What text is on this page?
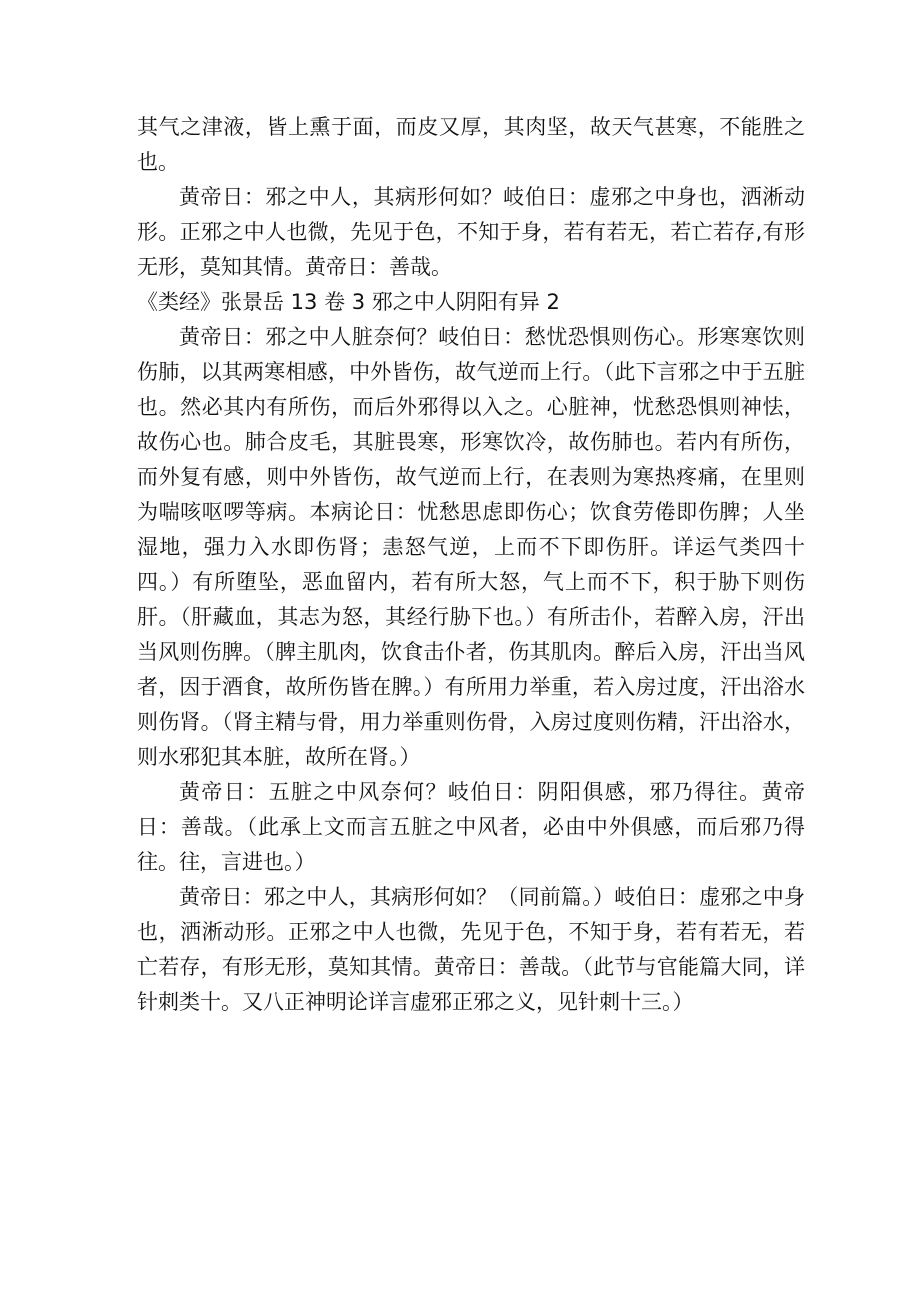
其气之津液，皆上熏于面，而皮又厚，其肉坚，故天气甚寒，不能胜之也。

黄帝日：邪之中人，其病形何如？岐伯日：虚邪之中身也，洒淅动形。正邪之中人也微，先见于色，不知于身，若有若无，若亡若存,有形无形，莫知其情。黄帝日：善哉。

《类经》张景岳 13 卷 3 邪之中人阴阳有异 2

黄帝日：邪之中人脏奈何？岐伯日：愁忧恐惧则伤心。形寒寒饮则伤肺，以其两寒相感，中外皆伤，故气逆而上行。（此下言邪之中于五脏也。然必其内有所伤，而后外邪得以入之。心脏神，忧愁恐惧则神怯，故伤心也。肺合皮毛，其脏畏寒，形寒饮冷，故伤肺也。若内有所伤，而外复有感，则中外皆伤，故气逆而上行，在表则为寒热疼痛，在里则为喘咳呕啰等病。本病论日：忧愁思虑即伤心；饮食劳倦即伤脾；人坐湿地，强力入水即伤肾；恚怒气逆，上而不下即伤肝。详运气类四十四。）有所堕坠，恶血留内，若有所大怒，气上而不下，积于胁下则伤肝。（肝藏血，其志为怒，其经行胁下也。）有所击仆，若醉入房，汗出当风则伤脾。（脾主肌肉，饮食击仆者，伤其肌肉。醉后入房，汗出当风者，因于酒食，故所伤皆在脾。）有所用力举重，若入房过度，汗出浴水则伤肾。（肾主精与骨，用力举重则伤骨，入房过度则伤精，汗出浴水，则水邪犯其本脏，故所在肾。）

黄帝日：五脏之中风奈何？岐伯日：阴阳俱感，邪乃得往。黄帝日：善哉。（此承上文而言五脏之中风者，必由中外俱感，而后邪乃得往。往，言进也。）

黄帝日：邪之中人，其病形何如？（同前篇。）岐伯日：虚邪之中身也，洒淅动形。正邪之中人也微，先见于色，不知于身，若有若无，若亡若存，有形无形，莫知其情。黄帝日：善哉。（此节与官能篇大同，详针刺类十。又八正神明论详言虚邪正邪之义，见针刺十三。）
